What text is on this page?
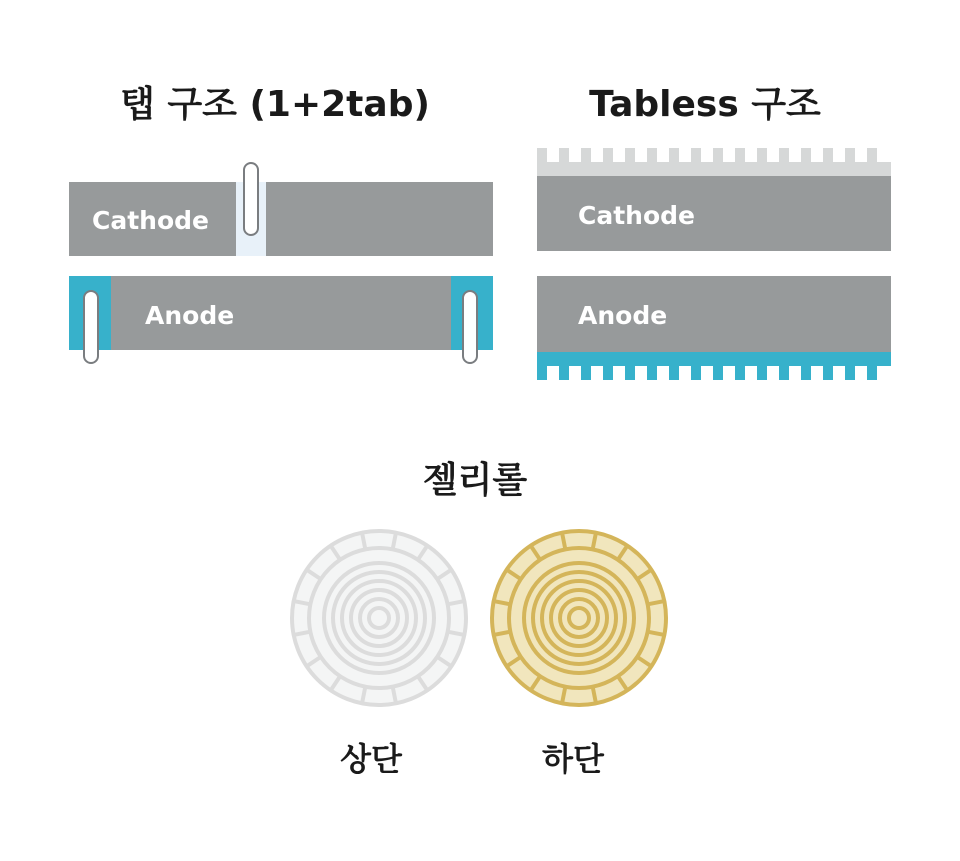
탭 구조 (1+2tab)
Cathode
Anode
Tabless 구조
Cathode
Anode
젤리롤
상단	하단
